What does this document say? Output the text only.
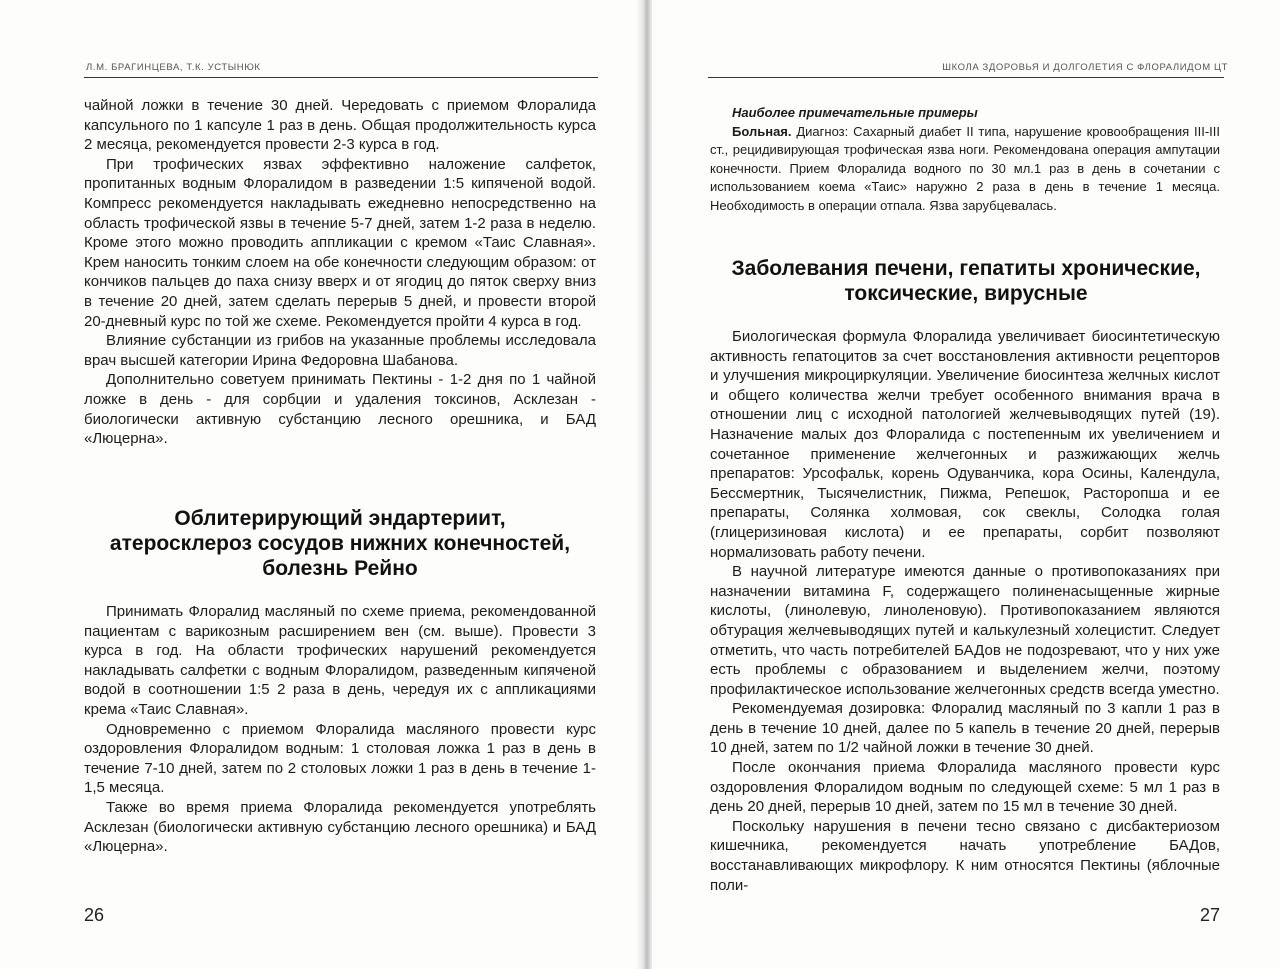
Л.М. БРАГИНЦЕВА, Т.К. УСТЫНЮК

чайной ложки в течение 30 дней. Чередовать с приемом Флоралида капсульного по 1 капсуле 1 раз в день. Общая продолжительность курса 2 месяца, рекомендуется провести 2-3 курса в год.

При трофических язвах эффективно наложение салфеток, пропитанных водным Флоралидом в разведении 1:5 кипяченой водой. Компресс рекомендуется накладывать ежедневно непосредственно на область трофической язвы в течение 5-7 дней, затем 1-2 раза в неделю. Кроме этого можно проводить аппликации с кремом «Таис Славная». Крем наносить тонким слоем на обе конечности следующим образом: от кончиков пальцев до паха снизу вверх и от ягодиц до пяток сверху вниз в течение 20 дней, затем сделать перерыв 5 дней, и провести второй 20-дневный курс по той же схеме. Рекомендуется пройти 4 курса в год.

Влияние субстанции из грибов на указанные проблемы исследовала врач высшей категории Ирина Федоровна Шабанова.

Дополнительно советуем принимать Пектины - 1-2 дня по 1 чайной ложке в день - для сорбции и удаления токсинов, Асклезан - биологически активную субстанцию лесного орешника, и БАД «Люцерна».

Облитерирующий эндартериит,
атеросклероз сосудов нижних конечностей,
болезнь Рейно

Принимать Флоралид масляный по схеме приема, рекомендованной пациентам с варикозным расширением вен (см. выше). Провести 3 курса в год. На области трофических нарушений рекомендуется накладывать салфетки с водным Флоралидом, разведенным кипяченой водой в соотношении 1:5 2 раза в день, чередуя их с аппликациями крема «Таис Славная».

Одновременно с приемом Флоралида масляного провести курс оздоровления Флоралидом водным: 1 столовая ложка 1 раз в день в течение 7-10 дней, затем по 2 столовых ложки 1 раз в день в течение 1-1,5 месяца.

Также во время приема Флоралида рекомендуется употреблять Асклезан (биологически активную субстанцию лесного орешника) и БАД «Люцерна».

26
ШКОЛА ЗДОРОВЬЯ И ДОЛГОЛЕТИЯ С ФЛОРАЛИДОМ ЦТ

Наиболее примечательные примеры

Больная. Диагноз: Сахарный диабет II типа, нарушение кровообращения III-III ст., рецидивирующая трофическая язва ноги. Рекомендована операция ампутации конечности. Прием Флоралида водного по 30 мл.1 раз в день в сочетании с использованием коема «Таис» наружно 2 раза в день в течение 1 месяца. Необходимость в операции отпала. Язва зарубцевалась.

Заболевания печени, гепатиты хронические,
токсические, вирусные

Биологическая формула Флоралида увеличивает биосинтетическую активность гепатоцитов за счет восстановления активности рецепторов и улучшения микроциркуляции. Увеличение биосинтеза желчных кислот и общего количества желчи требует особенного внимания врача в отношении лиц с исходной патологией желчевыводящих путей (19). Назначение малых доз Флоралида с постепенным их увеличением и сочетанное применение желчегонных и разжижающих желчь препаратов: Урсофальк, корень Одуванчика, кора Осины, Календула, Бессмертник, Тысячелистник, Пижма, Репешок, Расторопша и ее препараты, Солянка холмовая, сок свеклы, Солодка голая (глицеризиновая кислота) и ее препараты, сорбит позволяют нормализовать работу печени.

В научной литературе имеются данные о противопоказаниях при назначении витамина F, содержащего полиненасыщенные жирные кислоты, (линолевую, линоленовую). Противопоказанием являются обтурация желчевыводящих путей и калькулезный холецистит. Следует отметить, что часть потребителей БАДов не подозревают, что у них уже есть проблемы с образованием и выделением желчи, поэтому профилактическое использование желчегонных средств всегда уместно.

Рекомендуемая дозировка: Флоралид масляный по 3 капли 1 раз в день в течение 10 дней, далее по 5 капель в течение 20 дней, перерыв 10 дней, затем по 1/2 чайной ложки в течение 30 дней.

После окончания приема Флоралида масляного провести курс оздоровления Флоралидом водным по следующей схеме: 5 мл 1 раз в день 20 дней, перерыв 10 дней, затем по 15 мл в течение 30 дней.

Поскольку нарушения в печени тесно связано с дисбактериозом кишечника, рекомендуется начать употребление БАДов, восстанавливающих микрофлору. К ним относятся Пектины (яблочные поли-

27
